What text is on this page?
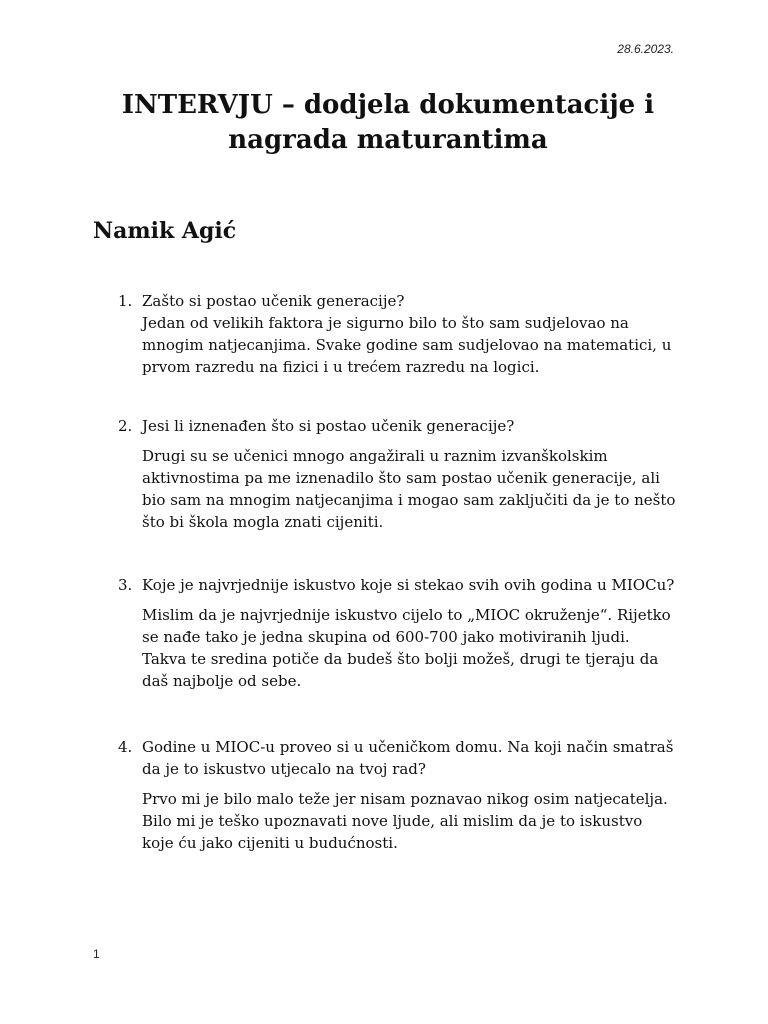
28.6.2023.
INTERVJU – dodjela dokumentacije i nagrada maturantima
Namik Agić
1. Zašto si postao učenik generacije?
Jedan od velikih faktora je sigurno bilo to što sam sudjelovao na mnogim natjecanjima. Svake godine sam sudjelovao na matematici, u prvom razredu na fizici i u trećem razredu na logici.
2. Jesi li iznenađen što si postao učenik generacije?
Drugi su se učenici mnogo angažirali u raznim izvanškolskim aktivnostima pa me iznenadilo što sam postao učenik generacije, ali bio sam na mnogim natjecanjima i mogao sam zaključiti da je to nešto što bi škola mogla znati cijeniti.
3. Koje je najvrjednije iskustvo koje si stekao svih ovih godina u MIOCu?
Mislim da je najvrjednije iskustvo cijelo to „MIOC okruženje“. Rijetko se nađe tako je jedna skupina od 600-700 jako motiviranih ljudi. Takva te sredina potiče da budeš što bolji možeš, drugi te tjeraju da daš najbolje od sebe.
4. Godine u MIOC-u proveo si u učeničkom domu. Na koji način smatraš da je to iskustvo utjecalo na tvoj rad?
Prvo mi je bilo malo teže jer nisam poznavao nikog osim natjecatelja. Bilo mi je teško upoznavati nove ljude, ali mislim da je to iskustvo koje ću jako cijeniti u budućnosti.
1
